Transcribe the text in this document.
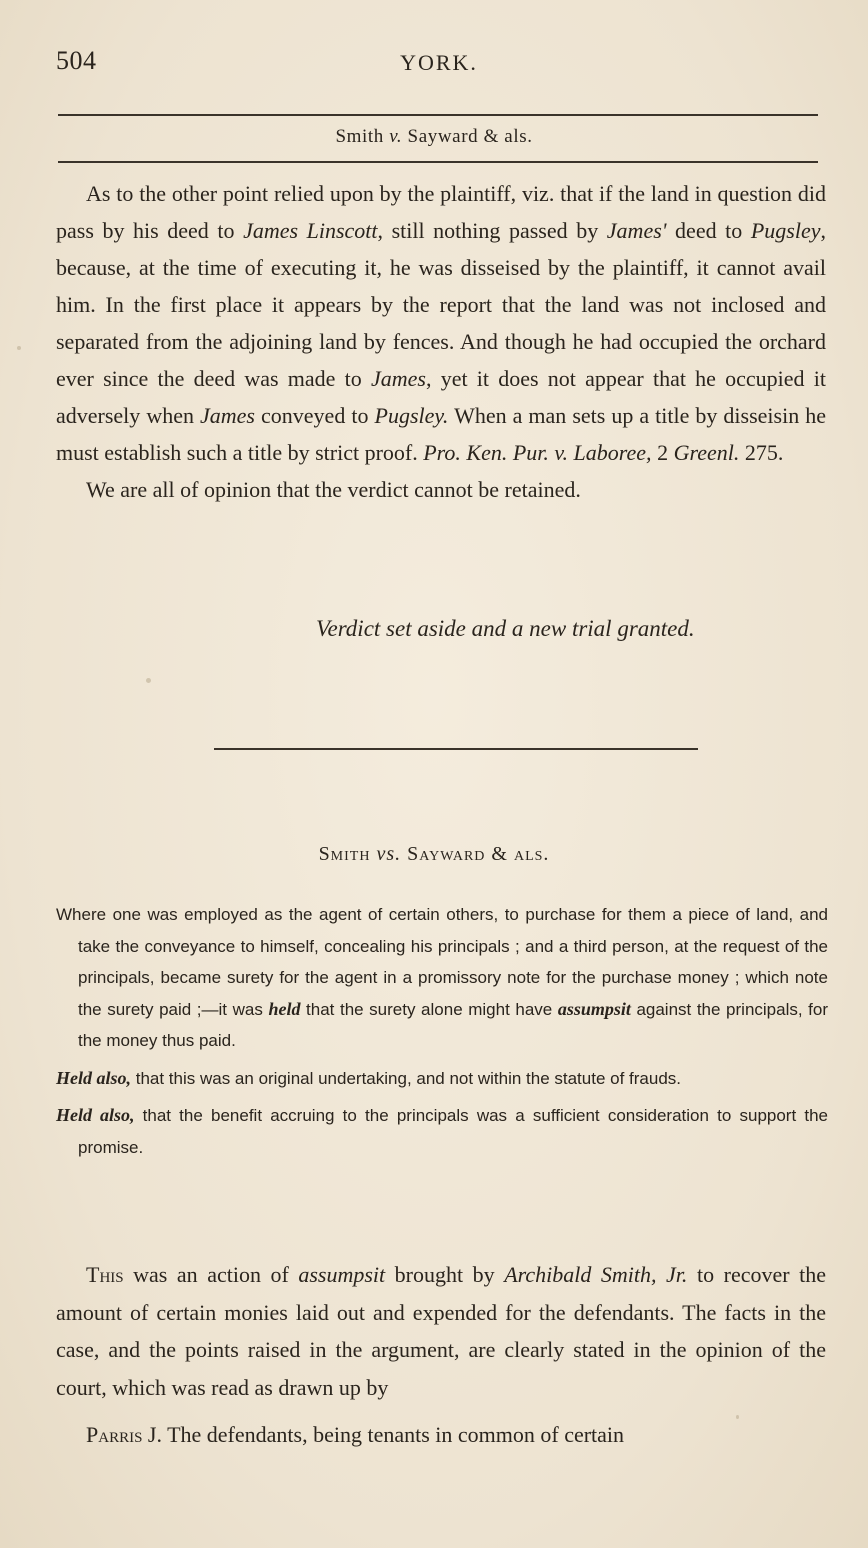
504	YORK.
Smith v. Sayward & als.

As to the other point relied upon by the plaintiff, viz. that if the land in question did pass by his deed to James Linscott, still nothing passed by James' deed to Pugsley, because, at the time of executing it, he was disseised by the plaintiff, it cannot avail him. In the first place it appears by the report that the land was not inclosed and separated from the adjoining land by fences. And though he had occupied the orchard ever since the deed was made to James, yet it does not appear that he occupied it adversely when James conveyed to Pugsley. When a man sets up a title by disseisin he must establish such a title by strict proof. Pro. Ken. Pur. v. Laboree, 2 Greenl. 275.

We are all of opinion that the verdict cannot be retained.

Verdict set aside and a new trial granted.
Smith vs. Sayward & als.

Where one was employed as the agent of certain others, to purchase for them a piece of land, and take the conveyance to himself, concealing his principals ; and a third person, at the request of the principals, became surety for the agent in a promissory note for the purchase money ; which note the surety paid ;—it was held that the surety alone might have assumpsit against the principals, for the money thus paid.

Held also, that this was an original undertaking, and not within the statute of frauds.

Held also, that the benefit accruing to the principals was a sufficient consideration to support the promise.

This was an action of assumpsit brought by Archibald Smith, Jr. to recover the amount of certain monies laid out and expended for the defendants. The facts in the case, and the points raised in the argument, are clearly stated in the opinion of the court, which was read as drawn up by

Parris J. The defendants, being tenants in common of certain
